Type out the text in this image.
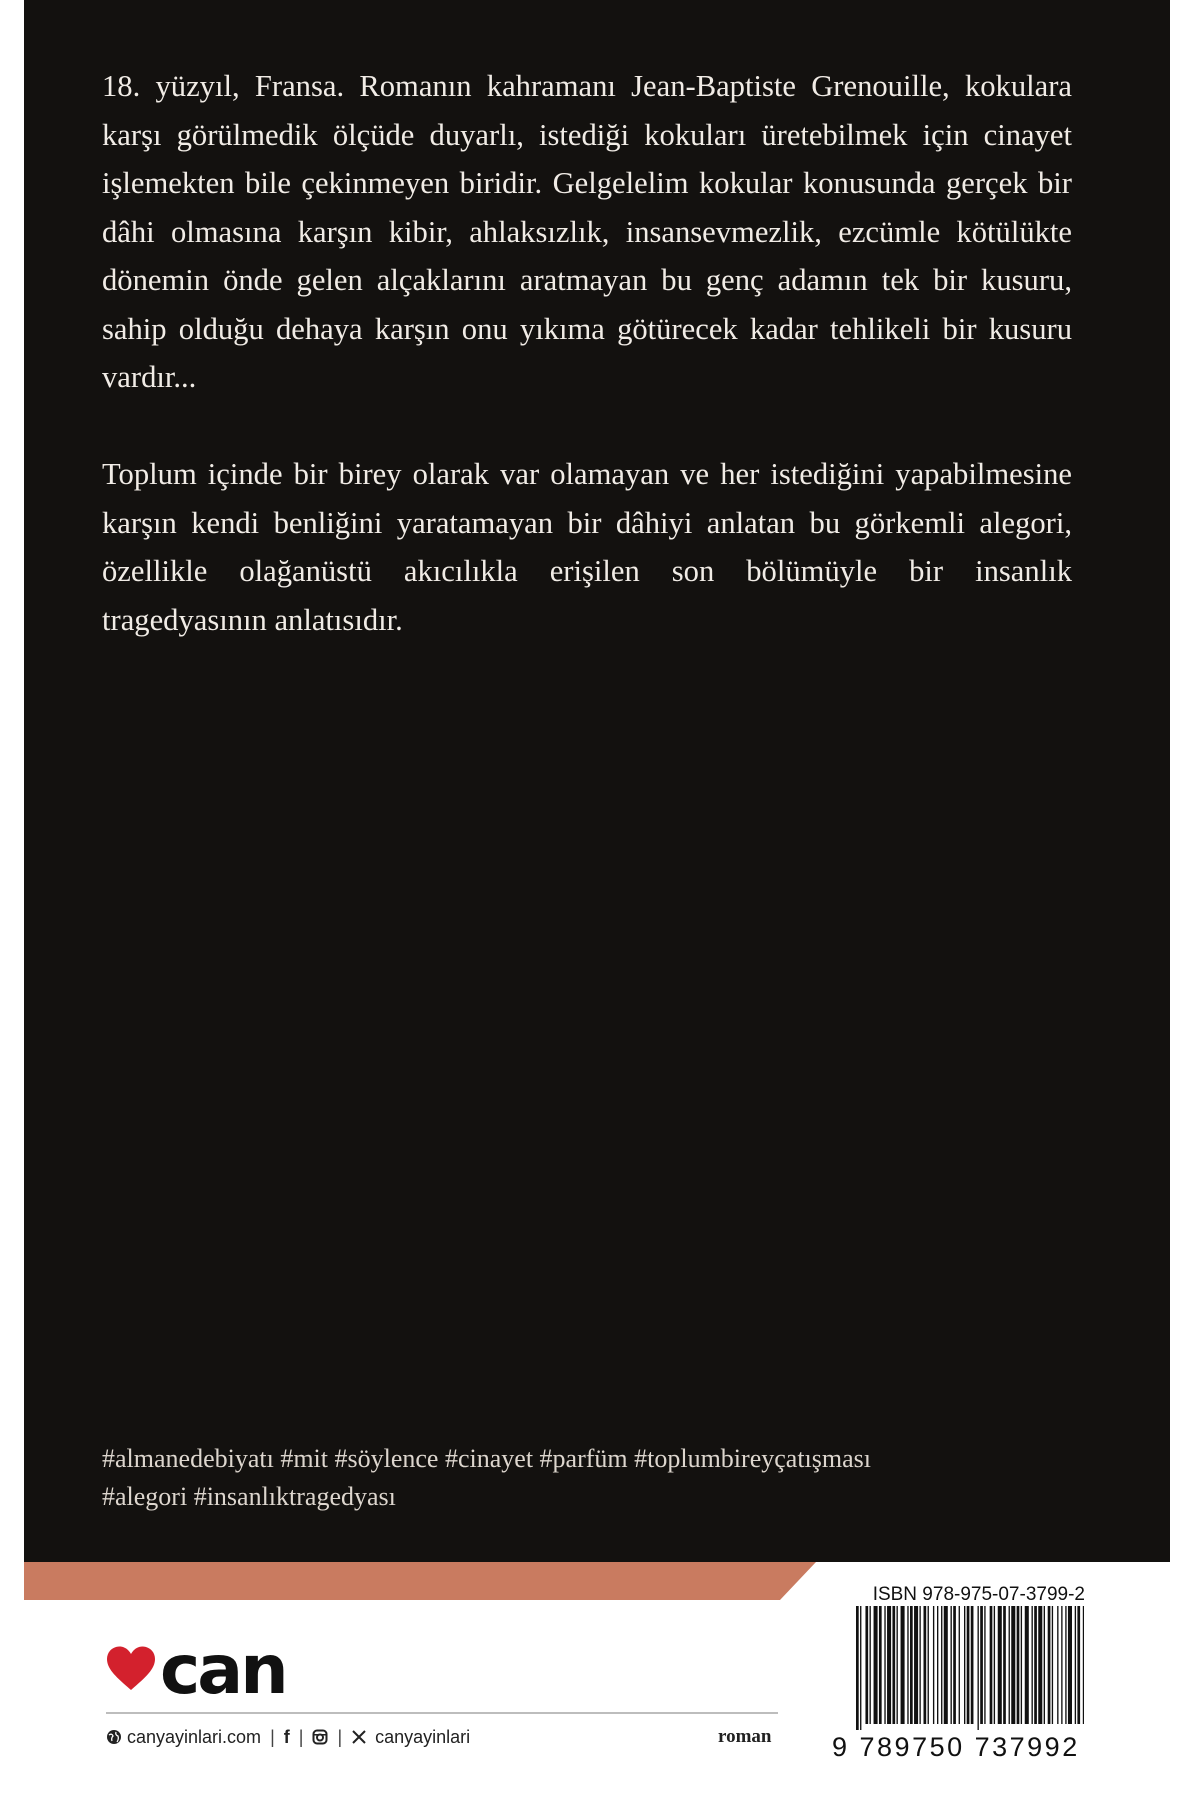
18. yüzyıl, Fransa. Romanın kahramanı Jean-Baptiste Grenouille, kokulara karşı görülmedik ölçüde duyarlı, istediği kokuları üretebilmek için cinayet işlemekten bile çekinmeyen biridir. Gelgelelim kokular konusunda gerçek bir dâhi olmasına karşın kibir, ahlaksızlık, insansevmezlik, ezcümle kötülükte dönemin önde gelen alçaklarını aratmayan bu genç adamın tek bir kusuru, sahip olduğu dehaya karşın onu yıkıma götürecek kadar tehlikeli bir kusuru vardır...

Toplum içinde bir birey olarak var olamayan ve her istediğini yapabilmesine karşın kendi benliğini yaratamayan bir dâhiyi anlatan bu görkemli alegori, özellikle olağanüstü akıcılıkla erişilen son bölümüyle bir insanlık tragedyasının anlatısıdır.

#almanedebiyatı #mit #söylence #cinayet #parfüm #toplumbireyçatışması
#alegori #insanlıktragedyası
can
canyayinlari.com | f | | canyayinlari	roman
ISBN 978-975-07-3799-2
9 789750 737992
